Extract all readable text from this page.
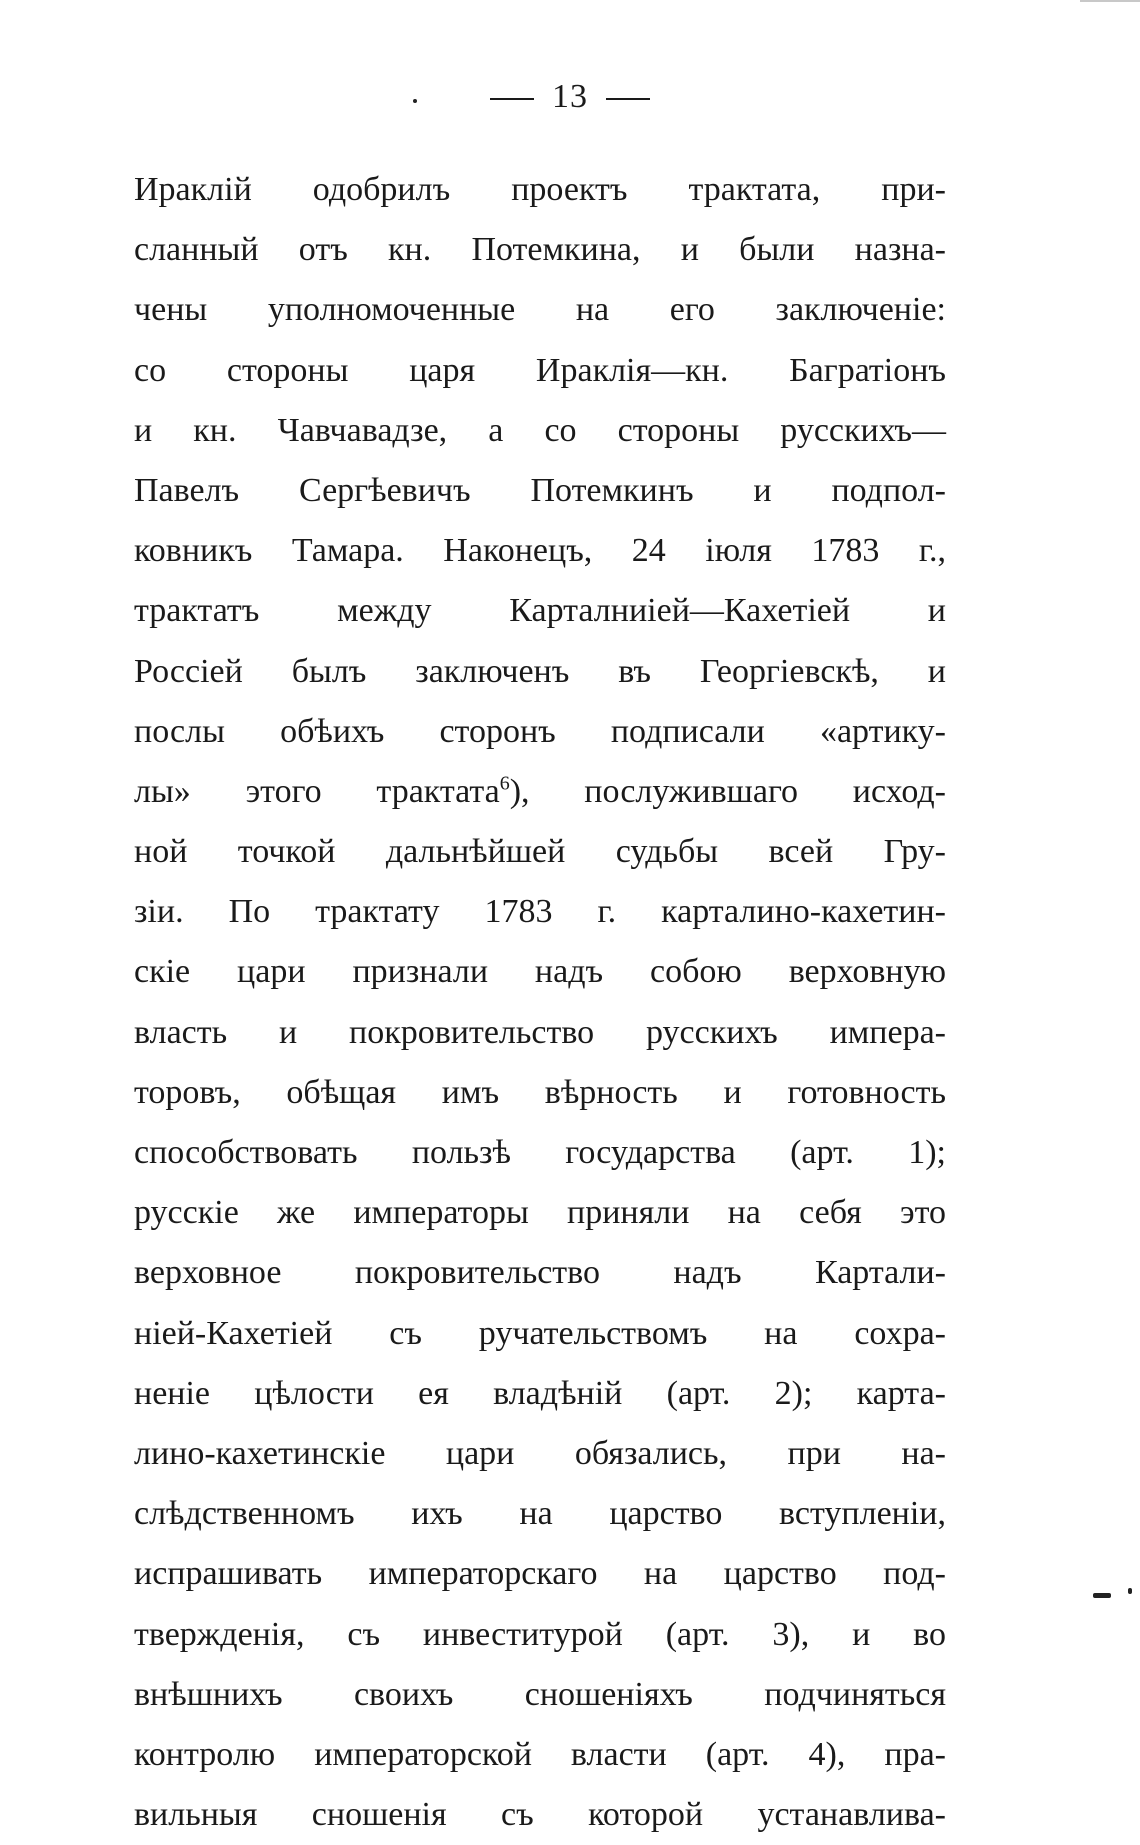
13
Ираклій одобрилъ проектъ трактата, при-
сланный отъ кн. Потемкина, и были назна-
чены уполномоченные на его заключеніе:
со стороны царя Ираклія—кн. Багратіонъ
и кн. Чавчавадзе, а со стороны русскихъ—
Павелъ Сергѣевичъ Потемкинъ и подпол-
ковникъ Тамара. Наконецъ, 24 іюля 1783 г.,
трактатъ между Карталниіей—Кахетіей и
Россіей былъ заключенъ въ Георгіевскѣ, и
послы обѣихъ сторонъ подписали «артику-
лы» этого трактата$^6$), послужившаго исход-
ной точкой дальнѣйшей судьбы всей Гру-
зіи. По трактату 1783 г. карталино-кахетин-
скіе цари признали надъ собою верховную
власть и покровительство русскихъ импера-
торовъ, обѣщая имъ вѣрность и готовность
способствовать пользѣ государства (арт. 1);
русскіе же императоры приняли на себя это
верховное покровительство надъ Картали-
ніей-Кахетіей съ ручательствомъ на сохра-
неніе цѣлости ея владѣній (арт. 2); карта-
лино-кахетинскіе цари обязались, при на-
слѣдственномъ ихъ на царство вступленіи,
испрашивать императорскаго на царство под-
твержденія, съ инвеститурой (арт. 3), и во
внѣшнихъ своихъ сношеніяхъ подчиняться
контролю императорской власти (арт. 4), пра-
вильныя сношенія съ которой устанавлива-
